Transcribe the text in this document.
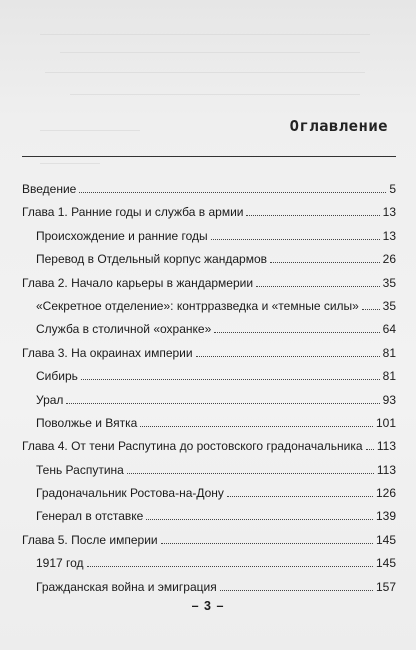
Оглавление
Введение	5
Глава 1. Ранние годы и служба в армии	13
Происхождение и ранние годы	13
Перевод в Отдельный корпус жандармов	26
Глава 2. Начало карьеры в жандармерии	35
«Секретное отделение»: контрразведка и «темные силы» 35
Служба в столичной «охранке»	64
Глава 3. На окраинах империи	81
Сибирь	81
Урал	93
Поволжье и Вятка	101
Глава 4. От тени Распутина до ростовского градоначальника 113
Тень Распутина	113
Градоначальник Ростова-на-Дону	126
Генерал в отставке	139
Глава 5. После империи	145
1917 год	145
Гражданская война и эмиграция	157
– 3 –
